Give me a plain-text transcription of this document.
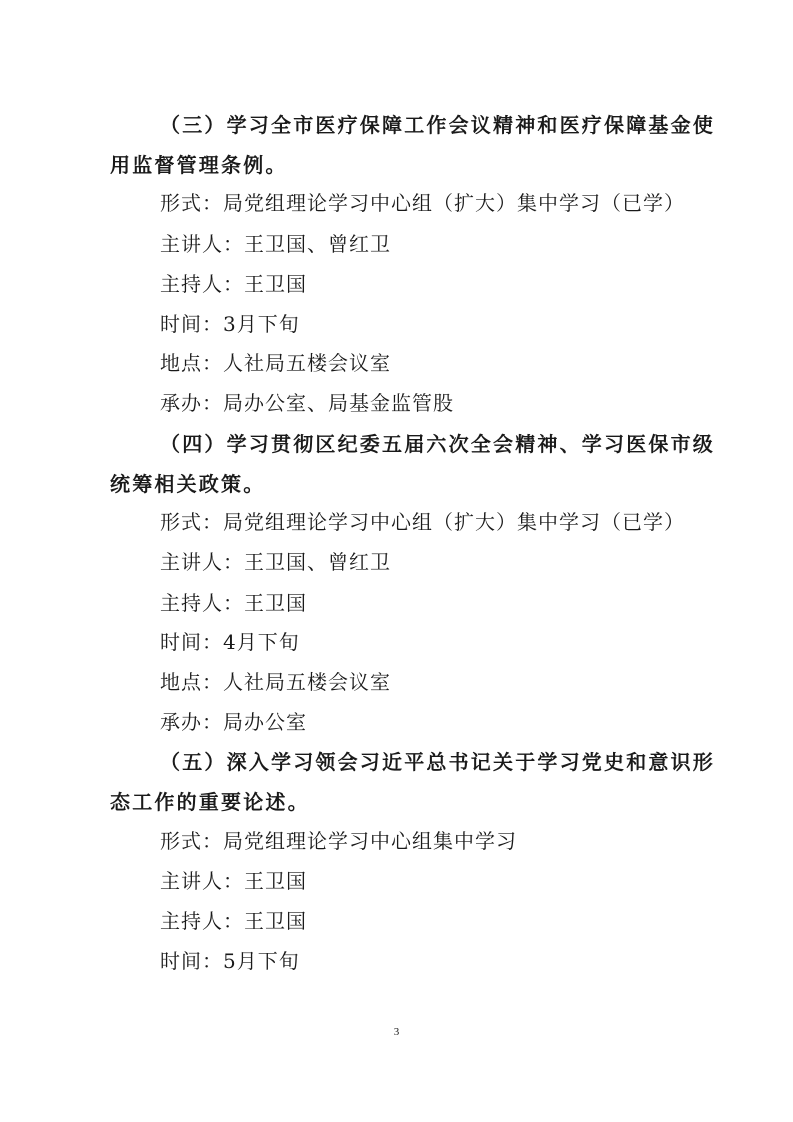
（三）学习全市医疗保障工作会议精神和医疗保障基金使
用监督管理条例。
形式：局党组理论学习中心组（扩大）集中学习（已学）
主讲人：王卫国、曾红卫
主持人：王卫国
时间：3月下旬
地点：人社局五楼会议室
承办：局办公室、局基金监管股
（四）学习贯彻区纪委五届六次全会精神、学习医保市级
统筹相关政策。
形式：局党组理论学习中心组（扩大）集中学习（已学）
主讲人：王卫国、曾红卫
主持人：王卫国
时间：4月下旬
地点：人社局五楼会议室
承办：局办公室
（五）深入学习领会习近平总书记关于学习党史和意识形
态工作的重要论述。
形式：局党组理论学习中心组集中学习
主讲人：王卫国
主持人：王卫国
时间：5月下旬
3
